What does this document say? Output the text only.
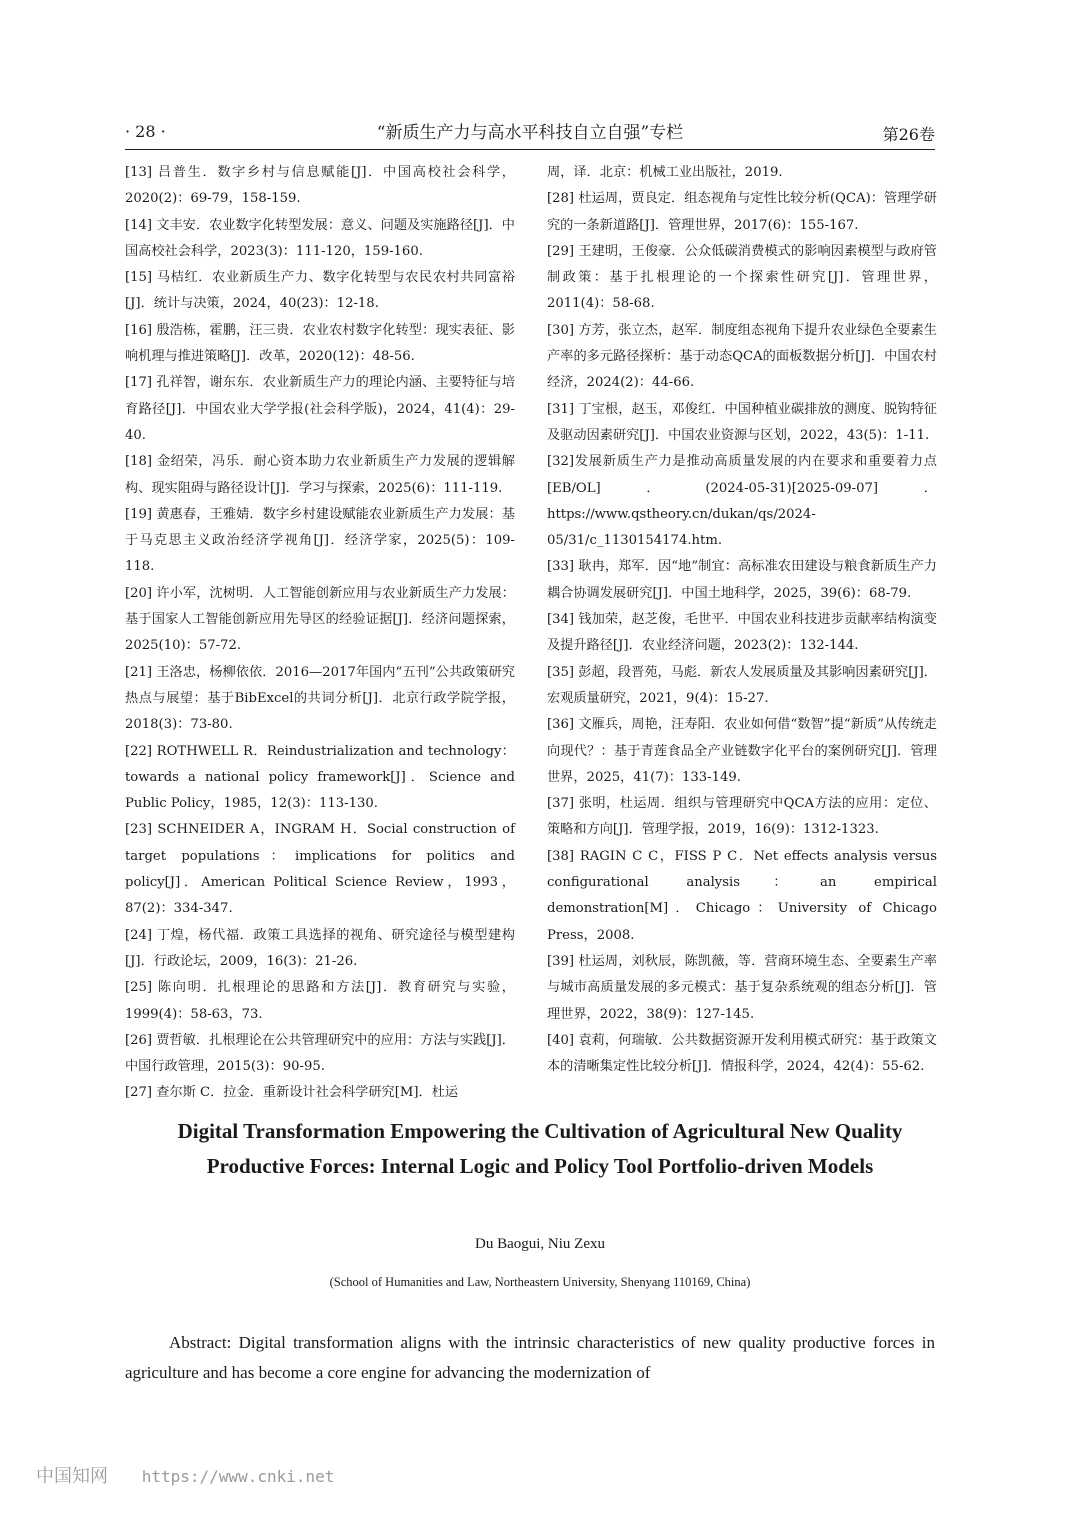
· 28 ·	“新质生产力与高水平科技自立自强”专栏	第26卷

[13] 吕普生．数字乡村与信息赋能[J]．中国高校社会科学，2020(2)：69-79，158-159.

[14] 文丰安．农业数字化转型发展：意义、问题及实施路径[J]．中国高校社会科学，2023(3)：111-120，159-160.

[15] 马桔红．农业新质生产力、数字化转型与农民农村共同富裕[J]．统计与决策，2024，40(23)：12-18.

[16] 殷浩栋，霍鹏，汪三贵．农业农村数字化转型：现实表征、影响机理与推进策略[J]．改革，2020(12)：48-56.

[17] 孔祥智，谢东东．农业新质生产力的理论内涵、主要特征与培育路径[J]．中国农业大学学报(社会科学版)，2024，41(4)：29-40.

[18] 金绍荣，冯乐．耐心资本助力农业新质生产力发展的逻辑解构、现实阻碍与路径设计[J]．学习与探索，2025(6)：111-119.

[19] 黄惠春，王雅婧．数字乡村建设赋能农业新质生产力发展：基于马克思主义政治经济学视角[J]．经济学家，2025(5)：109-118.

[20] 许小军，沈树明．人工智能创新应用与农业新质生产力发展：基于国家人工智能创新应用先导区的经验证据[J]．经济问题探索，2025(10)：57-72.

[21] 王洛忠，杨柳依依．2016—2017年国内“五刊”公共政策研究热点与展望：基于BibExcel的共词分析[J]．北京行政学院学报，2018(3)：73-80.

[22] ROTHWELL R．Reindustrialization and technology：towards a national policy framework[J]．Science and Public Policy，1985，12(3)：113-130.

[23] SCHNEIDER A，INGRAM H．Social construction of target populations：implications for politics and policy[J]．American Political Science Review，1993，87(2)：334-347.

[24] 丁煌，杨代福．政策工具选择的视角、研究途径与模型建构[J]．行政论坛，2009，16(3)：21-26.

[25] 陈向明．扎根理论的思路和方法[J]．教育研究与实验，1999(4)：58-63，73.

[26] 贾哲敏．扎根理论在公共管理研究中的应用：方法与实践[J]．中国行政管理，2015(3)：90-95.

[27] 查尔斯 C．拉金．重新设计社会科学研究[M]．杜运

周，译．北京：机械工业出版社，2019.

[28] 杜运周，贾良定．组态视角与定性比较分析(QCA)：管理学研究的一条新道路[J]．管理世界，2017(6)：155-167.

[29] 王建明，王俊豪．公众低碳消费模式的影响因素模型与政府管制政策：基于扎根理论的一个探索性研究[J]．管理世界，2011(4)：58-68.

[30] 方芳，张立杰，赵军．制度组态视角下提升农业绿色全要素生产率的多元路径探析：基于动态QCA的面板数据分析[J]．中国农村经济，2024(2)：44-66.

[31] 丁宝根，赵玉，邓俊红．中国种植业碳排放的测度、脱钩特征及驱动因素研究[J]．中国农业资源与区划，2022，43(5)：1-11.

[32]发展新质生产力是推动高质量发展的内在要求和重要着力点[EB/OL]．(2024-05-31)[2025-09-07]．https://www.qstheory.cn/dukan/qs/2024-05/31/c_1130154174.htm.

[33] 耿冉，郑军．因“地”制宜：高标准农田建设与粮食新质生产力耦合协调发展研究[J]．中国土地科学，2025，39(6)：68-79.

[34] 钱加荣，赵芝俊，毛世平．中国农业科技进步贡献率结构演变及提升路径[J]．农业经济问题，2023(2)：132-144.

[35] 彭超，段晋苑，马彪．新农人发展质量及其影响因素研究[J]．宏观质量研究，2021，9(4)：15-27.

[36] 文雁兵，周艳，汪寿阳．农业如何借“数智”提“新质”从传统走向现代？：基于青莲食品全产业链数字化平台的案例研究[J]．管理世界，2025，41(7)：133-149.

[37] 张明，杜运周．组织与管理研究中QCA方法的应用：定位、策略和方向[J]．管理学报，2019，16(9)：1312-1323.

[38] RAGIN C C，FISS P C．Net effects analysis versus configurational analysis：an empirical demonstration[M]．Chicago：University of Chicago Press，2008.

[39] 杜运周，刘秋辰，陈凯薇，等．营商环境生态、全要素生产率与城市高质量发展的多元模式：基于复杂系统观的组态分析[J]．管理世界，2022，38(9)：127-145.

[40] 袁莉，何瑞敏．公共数据资源开发利用模式研究：基于政策文本的清晰集定性比较分析[J]．情报科学，2024，42(4)：55-62.

Digital Transformation Empowering the Cultivation of Agricultural New Quality Productive Forces: Internal Logic and Policy Tool Portfolio-driven Models
Du Baogui, Niu Zexu
(School of Humanities and Law, Northeastern University, Shenyang 110169, China)
Abstract: Digital transformation aligns with the intrinsic characteristics of new quality productive forces in agriculture and has become a core engine for advancing the modernization of
中国知网 https://www.cnki.net
